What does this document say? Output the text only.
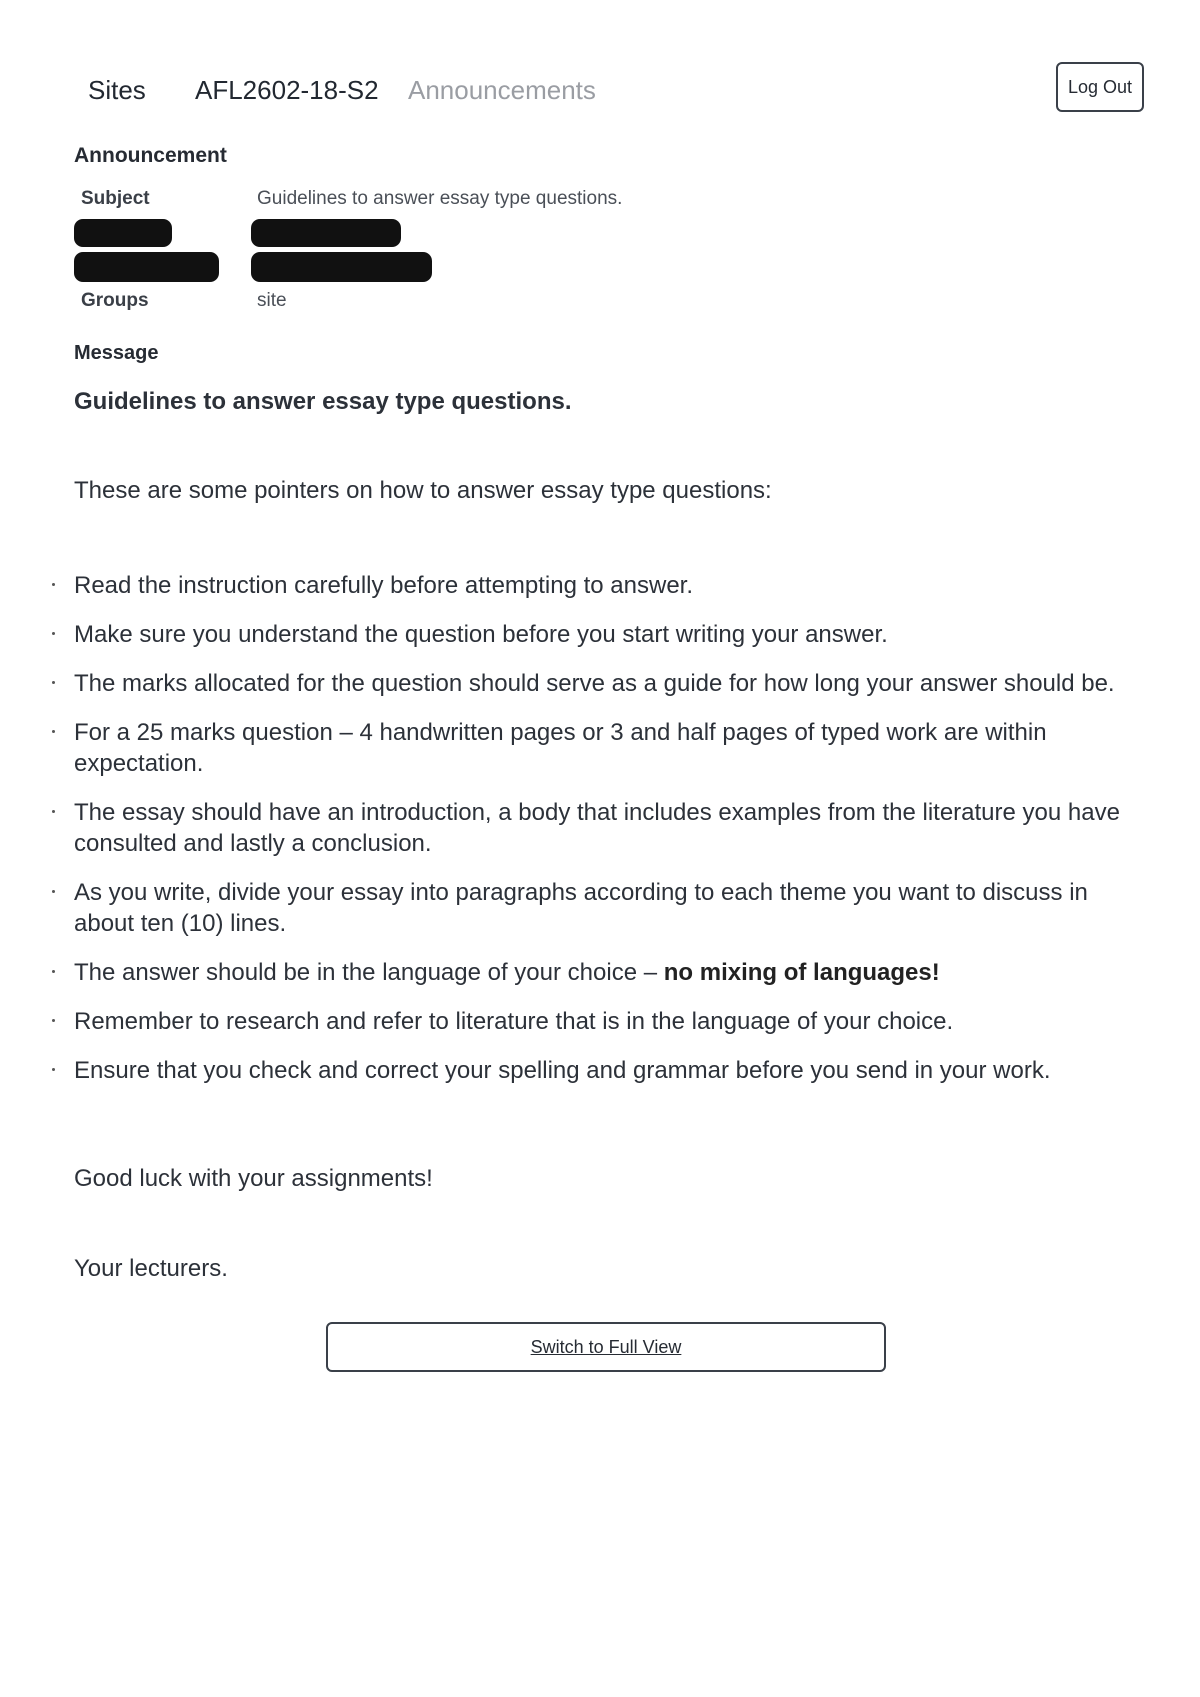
Sites AFL2602-18-S2 Announcements	Log Out
Announcement
Subject	Guidelines to answer essay type questions.
Groups	site
Message
Guidelines to answer essay type questions.
These are some pointers on how to answer essay type questions:
Read the instruction carefully before attempting to answer.
Make sure you understand the question before you start writing your answer.
The marks allocated for the question should serve as a guide for how long your answer should be.
For a 25 marks question – 4 handwritten pages or 3 and half pages of typed work are within expectation.
The essay should have an introduction, a body that includes examples from the literature you have consulted and lastly a conclusion.
As you write, divide your essay into paragraphs according to each theme you want to discuss in about ten (10) lines.
The answer should be in the language of your choice – no mixing of languages!
Remember to research and refer to literature that is in the language of your choice.
Ensure that you check and correct your spelling and grammar before you send in your work.
Good luck with your assignments!
Your lecturers.
Switch to Full View
